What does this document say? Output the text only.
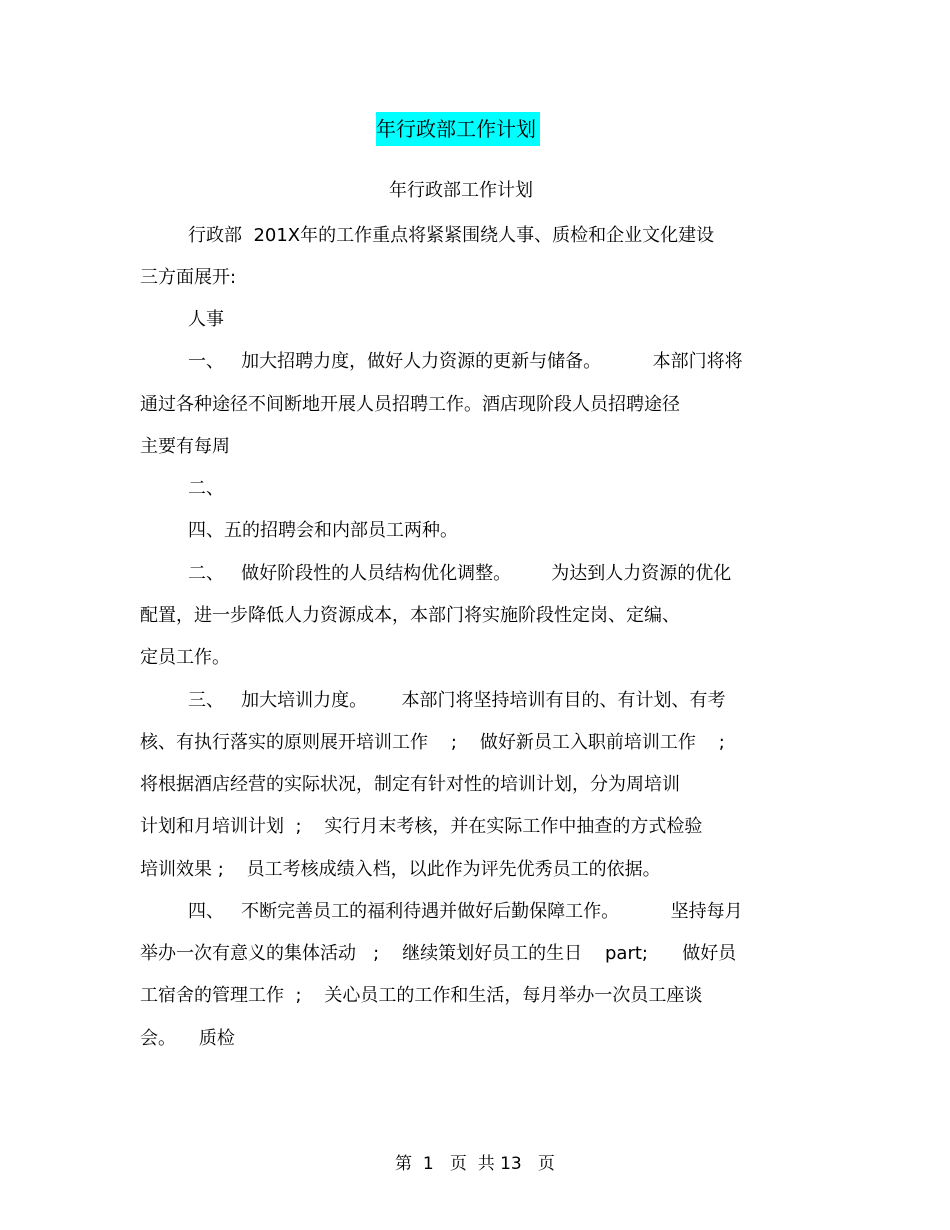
年行政部工作计划
年行政部工作计划
行政部  201X年的工作重点将紧紧围绕人事、质检和企业文化建设
三方面展开:
人事
一、   加大招聘力度，做好人力资源的更新与储备。         本部门将将
通过各种途径不间断地开展人员招聘工作。酒店现阶段人员招聘途径
主要有每周
二、
四、五的招聘会和内部员工两种。
二、   做好阶段性的人员结构优化调整。       为达到人力资源的优化
配置，进一步降低人力资源成本，本部门将实施阶段性定岗、定编、
定员工作。
三、   加大培训力度。      本部门将坚持培训有目的、有计划、有考
核、有执行落实的原则展开培训工作    ;    做好新员工入职前培训工作    ;
将根据酒店经营的实际状况，制定有针对性的培训计划，分为周培训
计划和月培训计划  ;    实行月末考核，并在实际工作中抽查的方式检验
培训效果 ;    员工考核成绩入档，以此作为评先优秀员工的依据。
四、   不断完善员工的福利待遇并做好后勤保障工作。         坚持每月
举办一次有意义的集体活动   ;    继续策划好员工的生日    part;      做好员
工宿舍的管理工作  ;    关心员工的工作和生活，每月举办一次员工座谈
会。    质检
第  1   页  共 13   页
